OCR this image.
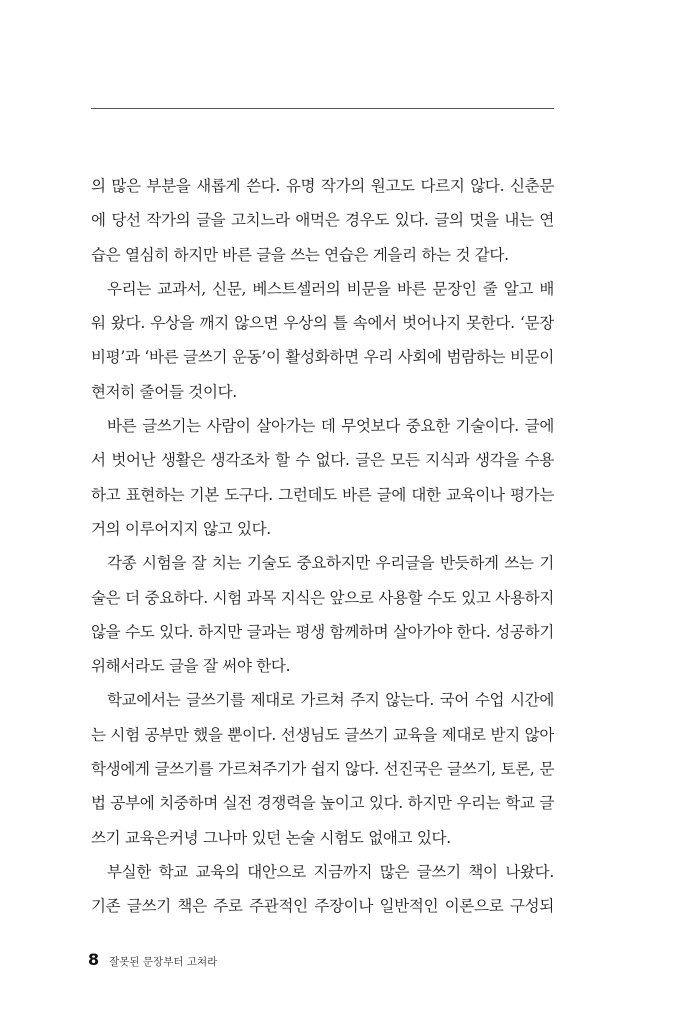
의 많은 부분을 새롭게 쓴다. 유명 작가의 원고도 다르지 않다. 신춘문
에 당선 작가의 글을 고치느라 애먹은 경우도 있다. 글의 멋을 내는 연
습은 열심히 하지만 바른 글을 쓰는 연습은 게을리 하는 것 같다.
우리는 교과서, 신문, 베스트셀러의 비문을 바른 문장인 줄 알고 배
워 왔다. 우상을 깨지 않으면 우상의 틀 속에서 벗어나지 못한다. ‘문장
비평’과 ‘바른 글쓰기 운동’이 활성화하면 우리 사회에 범람하는 비문이
현저히 줄어들 것이다.
바른 글쓰기는 사람이 살아가는 데 무엇보다 중요한 기술이다. 글에
서 벗어난 생활은 생각조차 할 수 없다. 글은 모든 지식과 생각을 수용
하고 표현하는 기본 도구다. 그런데도 바른 글에 대한 교육이나 평가는
거의 이루어지지 않고 있다.
각종 시험을 잘 치는 기술도 중요하지만 우리글을 반듯하게 쓰는 기
술은 더 중요하다. 시험 과목 지식은 앞으로 사용할 수도 있고 사용하지
않을 수도 있다. 하지만 글과는 평생 함께하며 살아가야 한다. 성공하기
위해서라도 글을 잘 써야 한다.
학교에서는 글쓰기를 제대로 가르쳐 주지 않는다. 국어 수업 시간에
는 시험 공부만 했을 뿐이다. 선생님도 글쓰기 교육을 제대로 받지 않아
학생에게 글쓰기를 가르쳐주기가 쉽지 않다. 선진국은 글쓰기, 토론, 문
법 공부에 치중하며 실전 경쟁력을 높이고 있다. 하지만 우리는 학교 글
쓰기 교육은커녕 그나마 있던 논술 시험도 없애고 있다.
부실한 학교 교육의 대안으로 지금까지 많은 글쓰기 책이 나왔다.
기존 글쓰기 책은 주로 주관적인 주장이나 일반적인 이론으로 구성되
8 잘못된 문장부터 고쳐라
